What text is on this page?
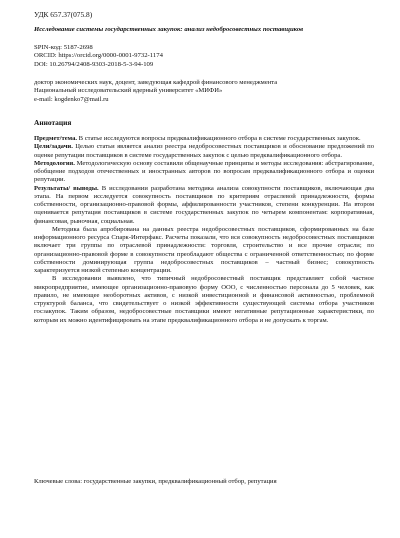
УДК 657.37(075.8)
Исследование системы государственных закупок: анализ недобросовестных поставщиков
SPIN-код: 5187-2698
ORCID: https://orcid.org/0000-0001-9732-1174
DOI: 10.26794/2408-9303-2018-5-3-94-109
доктор экономических наук, доцент, заведующая кафедрой финансового менеджмента
Национальный исследовательский ядерный университет «МИФИ»
e-mail: kogdenko7@mail.ru
Аннотация

Предмет/тема. В статье исследуются вопросы предквалификационного отбора в системе государственных закупок.

Цели/задачи. Целью статьи является анализ реестра недобросовестных поставщиков и обоснование предложений по оценке репутации поставщиков в системе государственных закупок с целью предквалификационного отбора.

Методология. Методологическую основу составили общенаучные принципы и методы исследования: абстрагирование, обобщение подходов отечественных и иностранных авторов по вопросам предквалификационного отбора и оценки репутации.

Результаты/ выводы. В исследовании разработана методика анализа совокупности поставщиков, включающая два этапа. На первом исследуется совокупность поставщиков по критериям отраслевой принадлежности, формы собственности, организационно-правовой формы, аффилированности участников, степени конкуренции. На втором оценивается репутация поставщиков в системе государственных закупок по четырем компонентам: корпоративная, финансовая, рыночная, социальная.

Методика была апробирована на данных реестра недобросовестных поставщиков, сформированных на базе информационного ресурса Спарк-Интерфакс. Расчеты показали, что вся совокупность недобросовестных поставщиков включает три группы по отраслевой принадлежности: торговля, строительство и все прочие отрасли; по организационно-правовой форме в совокупности преобладают общества с ограниченной ответственностью; по форме собственности доминирующая группа недобросовестных поставщиков – частный бизнес; совокупность характеризуется низкой степенью концентрации.

В исследовании выявлено, что типичный недобросовестный поставщик представляет собой частное микропредприятие, имеющее организационно-правовую форму ООО, с численностью персонала до 5 человек, как правило, не имеющее необоротных активов, с низкой инвестиционной и финансовой активностью, проблемной структурой баланса, что свидетельствует о низкой эффективности существующей системы отбора участников госзакупок. Таким образом, недобросовестные поставщики имеют негативные репутационные характеристики, по которым их можно идентифицировать на этапе предквалификационного отбора и не допускать к торгам.

Ключевые слова: государственные закупки, предквалификационный отбор, репутация
